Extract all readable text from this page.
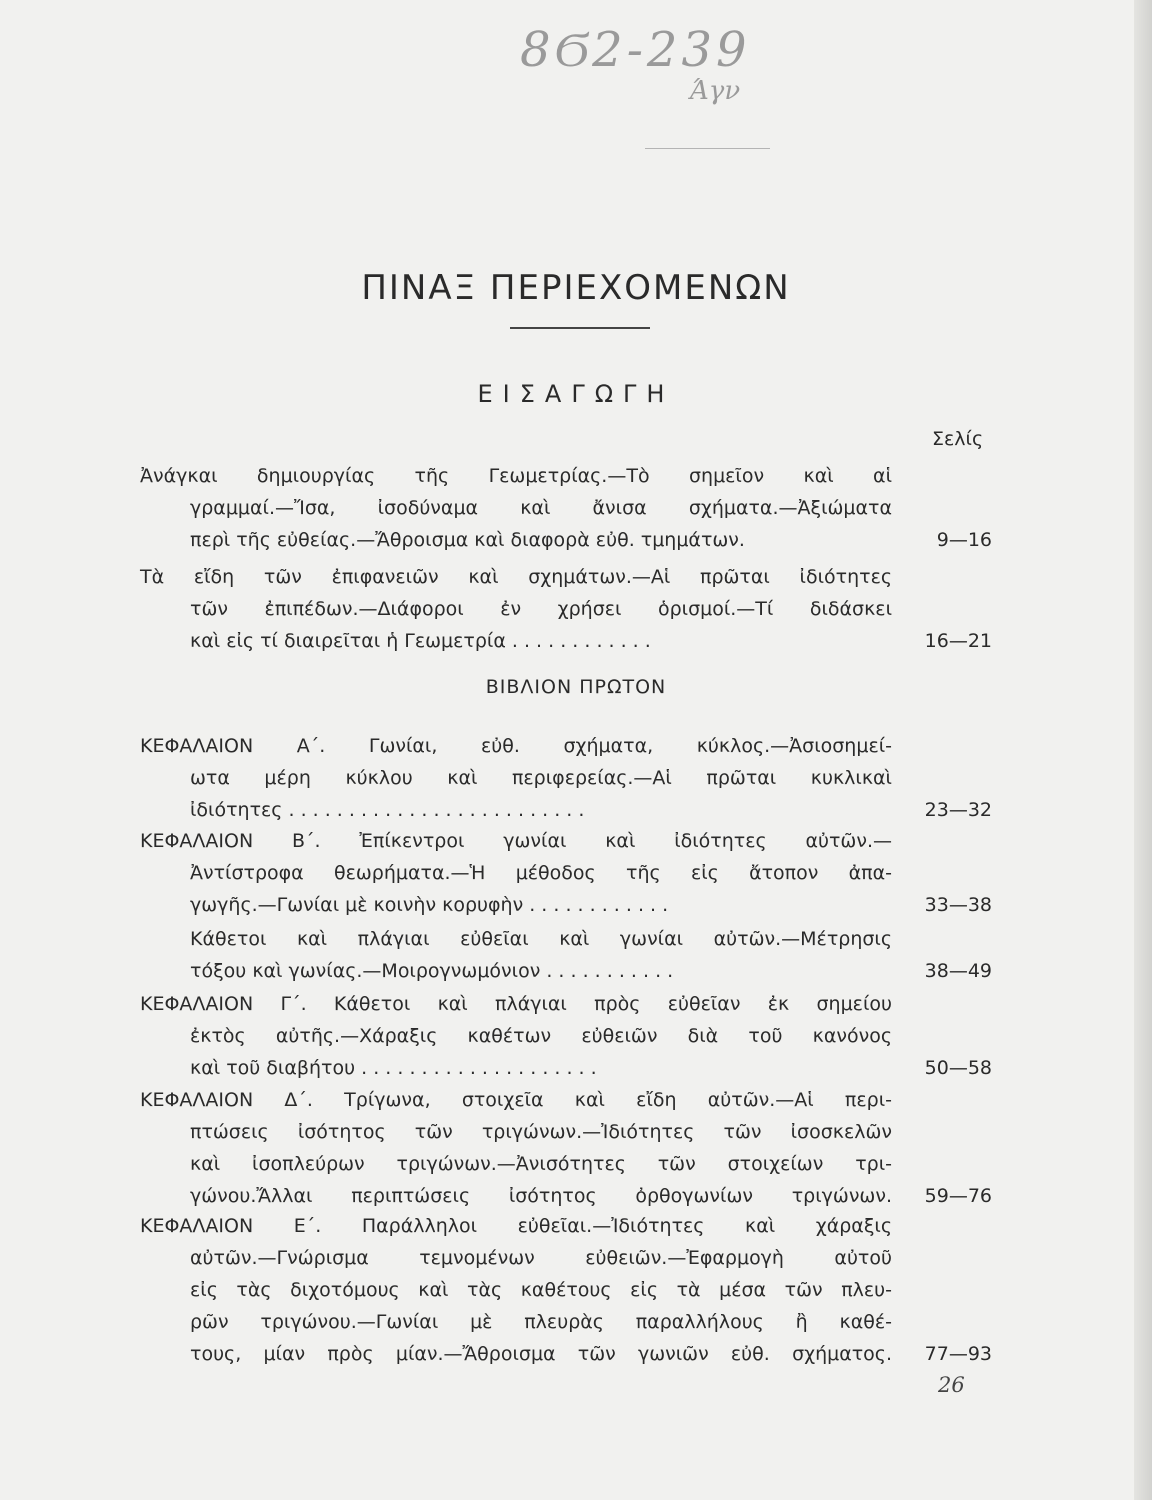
8Ϭ2-239
Άγν
ΠΙΝΑΞ ΠΕΡΙΕΧΟΜΕΝΩΝ
ΕΙΣΑΓΩΓΗ
Σελίς
Ἀνάγκαι δημιουργίας τῆς Γεωμετρίας.—Τὸ σημεῖον καὶ αἱ
γραμμαί.—Ἴσα, ἰσοδύναμα καὶ ἄνισα σχήματα.—Ἀξιώματα
περὶ τῆς εὐθείας.—Ἄθροισμα καὶ διαφορὰ εὐθ. τμημάτων.	9—16
Τὰ εἴδη τῶν ἐπιφανειῶν καὶ σχημάτων.—Αἱ πρῶται ἰδιότητες
τῶν ἐπιπέδων.—Διάφοροι ἐν χρήσει ὁρισμοί.—Τί διδάσκει
καὶ εἰς τί διαιρεῖται ἡ Γεωμετρία . . . . . . . . . . . .	16—21
ΒΙΒΛΙΟΝ ΠΡΩΤΟΝ
ΚΕΦΑΛΑΙΟΝ Α΄. Γωνίαι, εὐθ. σχήματα, κύκλος.—Ἀσιοσημεί-
ωτα μέρη κύκλου καὶ περιφερείας.—Αἱ πρῶται κυκλικαὶ
ἰδιότητες . . . . . . . . . . . . . . . . . . . . . . . . .	23—32
ΚΕΦΑΛΑΙΟΝ Β΄. Ἐπίκεντροι γωνίαι καὶ ἰδιότητες αὐτῶν.—
Ἀντίστροφα θεωρήματα.—Ἡ μέθοδος τῆς εἰς ἄτοπον ἀπα-
γωγῆς.—Γωνίαι μὲ κοινὴν κορυφὴν . . . . . . . . . . . .	33—38
Κάθετοι καὶ πλάγιαι εὐθεῖαι καὶ γωνίαι αὐτῶν.—Μέτρησις
τόξου καὶ γωνίας.—Μοιρογνωμόνιον . . . . . . . . . . .	38—49
ΚΕΦΑΛΑΙΟΝ Γ΄. Κάθετοι καὶ πλάγιαι πρὸς εὐθεῖαν ἐκ σημείου
ἐκτὸς αὐτῆς.—Χάραξις καθέτων εὐθειῶν διὰ τοῦ κανόνος
καὶ τοῦ διαβήτου . . . . . . . . . . . . . . . . . . . .	50—58
ΚΕΦΑΛΑΙΟΝ Δ΄. Τρίγωνα, στοιχεῖα καὶ εἴδη αὐτῶν.—Αἱ περι-
πτώσεις ἰσότητος τῶν τριγώνων.—Ἰδιότητες τῶν ἰσοσκελῶν
καὶ ἰσοπλεύρων τριγώνων.—Ἀνισότητες τῶν στοιχείων τρι-
γώνου.Ἄλλαι περιπτώσεις ἰσότητος ὀρθογωνίων τριγώνων. 59—76
ΚΕΦΑΛΑΙΟΝ Ε΄. Παράλληλοι εὐθεῖαι.—Ἰδιότητες καὶ χάραξις
αὐτῶν.—Γνώρισμα τεμνομένων εὐθειῶν.—Ἐφαρμογὴ αὐτοῦ
εἰς τὰς διχοτόμους καὶ τὰς καθέτους εἰς τὰ μέσα τῶν πλευ-
ρῶν τριγώνου.—Γωνίαι μὲ πλευρὰς παραλλήλους ἢ καθέ-
τους, μίαν πρὸς μίαν.—Ἄθροισμα τῶν γωνιῶν εὐθ. σχήματος. 77—93
26
